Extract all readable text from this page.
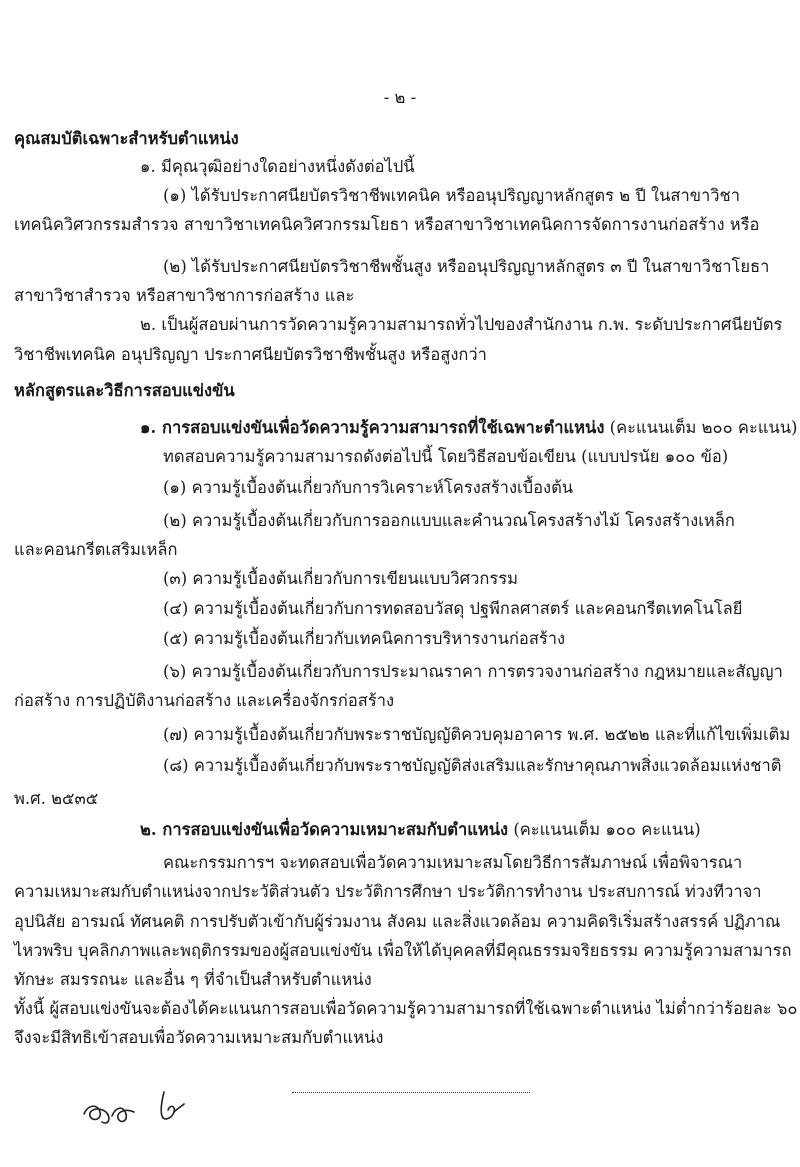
- ๒ -
คุณสมบัติเฉพาะสำหรับตำแหน่ง
๑. มีคุณวุฒิอย่างใดอย่างหนึ่งดังต่อไปนี้
(๑) ได้รับประกาศนียบัตรวิชาชีพเทคนิค หรืออนุปริญญาหลักสูตร ๒ ปี ในสาขาวิชา
เทคนิควิศวกรรมสำรวจ สาขาวิชาเทคนิควิศวกรรมโยธา หรือสาขาวิชาเทคนิคการจัดการงานก่อสร้าง หรือ
(๒) ได้รับประกาศนียบัตรวิชาชีพชั้นสูง หรืออนุปริญญาหลักสูตร ๓ ปี ในสาขาวิชาโยธา
สาขาวิชาสำรวจ หรือสาขาวิชาการก่อสร้าง และ
๒. เป็นผู้สอบผ่านการวัดความรู้ความสามารถทั่วไปของสำนักงาน ก.พ. ระดับประกาศนียบัตร
วิชาชีพเทคนิค อนุปริญญา ประกาศนียบัตรวิชาชีพชั้นสูง หรือสูงกว่า
หลักสูตรและวิธีการสอบแข่งขัน
๑. การสอบแข่งขันเพื่อวัดความรู้ความสามารถที่ใช้เฉพาะตำแหน่ง (คะแนนเต็ม ๒๐๐ คะแนน)
ทดสอบความรู้ความสามารถดังต่อไปนี้ โดยวิธีสอบข้อเขียน (แบบปรนัย ๑๐๐ ข้อ)
(๑) ความรู้เบื้องต้นเกี่ยวกับการวิเคราะห์โครงสร้างเบื้องต้น
(๒) ความรู้เบื้องต้นเกี่ยวกับการออกแบบและคำนวณโครงสร้างไม้ โครงสร้างเหล็ก
และคอนกรีตเสริมเหล็ก
(๓) ความรู้เบื้องต้นเกี่ยวกับการเขียนแบบวิศวกรรม
(๔) ความรู้เบื้องต้นเกี่ยวกับการทดสอบวัสดุ ปฐพีกลศาสตร์ และคอนกรีตเทคโนโลยี
(๕) ความรู้เบื้องต้นเกี่ยวกับเทคนิคการบริหารงานก่อสร้าง
(๖) ความรู้เบื้องต้นเกี่ยวกับการประมาณราคา การตรวจงานก่อสร้าง กฎหมายและสัญญา
ก่อสร้าง การปฏิบัติงานก่อสร้าง และเครื่องจักรก่อสร้าง
(๗) ความรู้เบื้องต้นเกี่ยวกับพระราชบัญญัติควบคุมอาคาร พ.ศ. ๒๕๒๒ และที่แก้ไขเพิ่มเติม
(๘) ความรู้เบื้องต้นเกี่ยวกับพระราชบัญญัติส่งเสริมและรักษาคุณภาพสิ่งแวดล้อมแห่งชาติ
พ.ศ. ๒๕๓๕
๒. การสอบแข่งขันเพื่อวัดความเหมาะสมกับตำแหน่ง (คะแนนเต็ม ๑๐๐ คะแนน)
คณะกรรมการฯ จะทดสอบเพื่อวัดความเหมาะสมโดยวิธีการสัมภาษณ์ เพื่อพิจารณา
ความเหมาะสมกับตำแหน่งจากประวัติส่วนตัว ประวัติการศึกษา ประวัติการทำงาน ประสบการณ์ ท่วงทีวาจา
อุปนิสัย อารมณ์ ทัศนคติ การปรับตัวเข้ากับผู้ร่วมงาน สังคม และสิ่งแวดล้อม ความคิดริเริ่มสร้างสรรค์ ปฏิภาณ
ไหวพริบ บุคลิกภาพและพฤติกรรมของผู้สอบแข่งขัน เพื่อให้ได้บุคคลที่มีคุณธรรมจริยธรรม ความรู้ความสามารถ
ทักษะ สมรรถนะ และอื่น ๆ ที่จำเป็นสำหรับตำแหน่ง
ทั้งนี้ ผู้สอบแข่งขันจะต้องได้คะแนนการสอบเพื่อวัดความรู้ความสามารถที่ใช้เฉพาะตำแหน่ง ไม่ต่ำกว่าร้อยละ ๖๐
จึงจะมีสิทธิเข้าสอบเพื่อวัดความเหมาะสมกับตำแหน่ง
